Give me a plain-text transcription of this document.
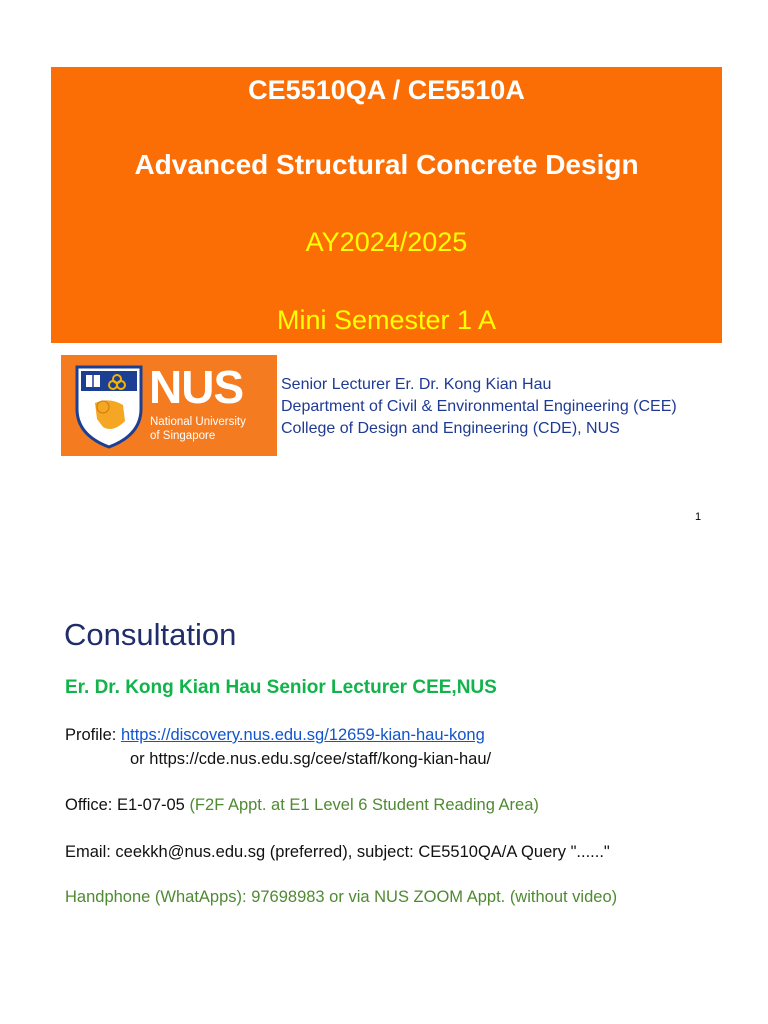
CE5510QA / CE5510A
Advanced Structural Concrete Design
AY2024/2025
Mini Semester 1 A
NUS
National University
of Singapore
Senior Lecturer Er. Dr. Kong Kian Hau
Department of Civil & Environmental Engineering (CEE)
College of Design and Engineering (CDE), NUS
1
Consultation
Er. Dr. Kong Kian Hau Senior Lecturer CEE,NUS
Profile: https://discovery.nus.edu.sg/12659-kian-hau-kong
or https://cde.nus.edu.sg/cee/staff/kong-kian-hau/
Office: E1-07-05 (F2F Appt. at E1 Level 6 Student Reading Area)
Email: ceekkh@nus.edu.sg (preferred), subject: CE5510QA/A Query "......"
Handphone (WhatApps): 97698983 or via NUS ZOOM Appt. (without video)
